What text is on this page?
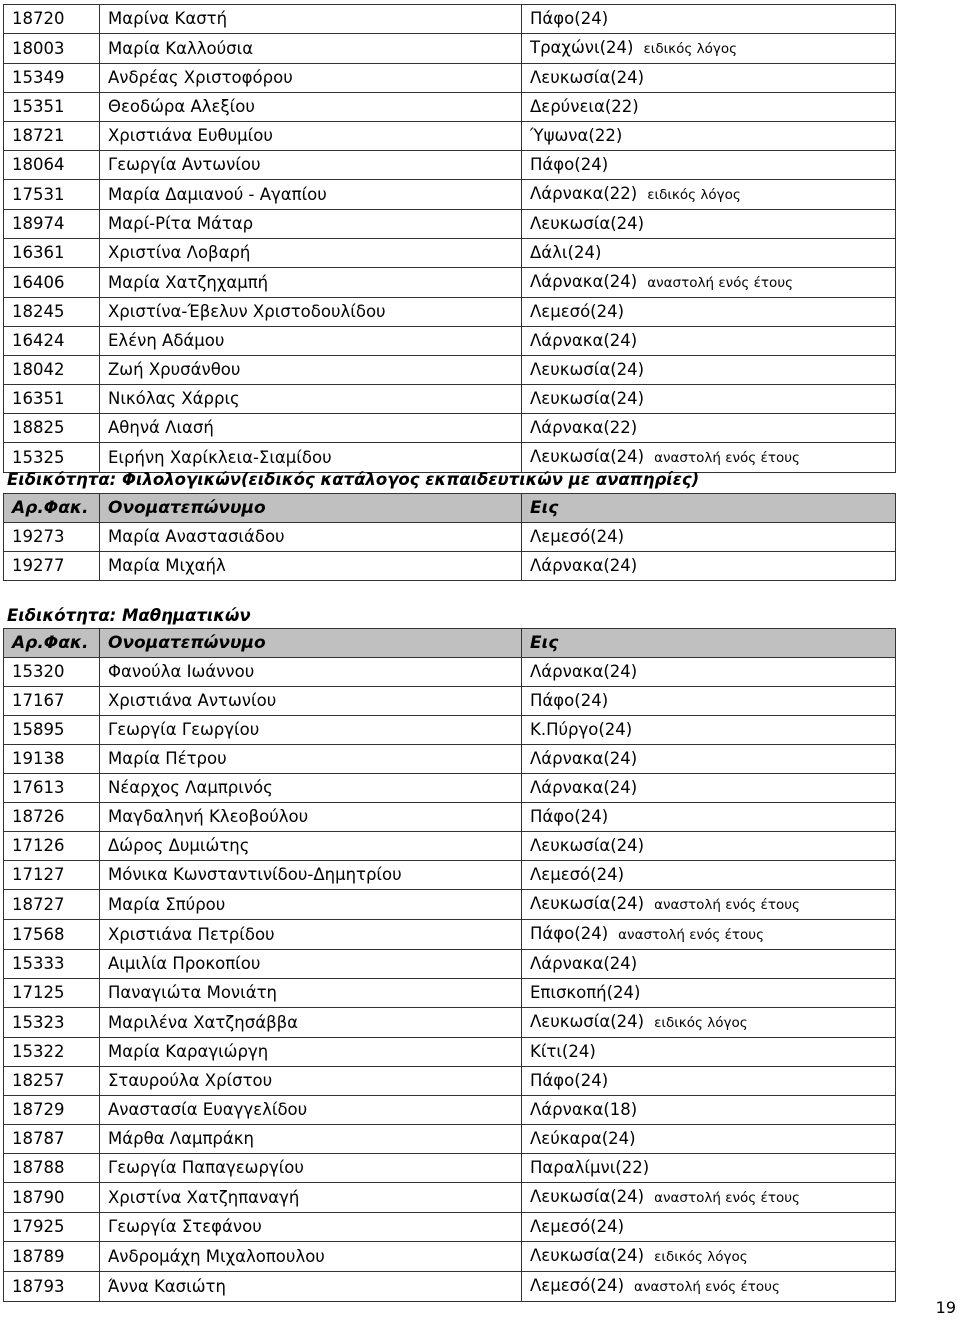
18720	Μαρίνα Καστή	Πάφο(24)
18003	Μαρία Καλλούσια	Τραχώνι(24) ειδικός λόγος
15349	Ανδρέας Χριστοφόρου	Λευκωσία(24)
15351	Θεοδώρα Αλεξίου	Δερύνεια(22)
18721	Χριστιάνα Ευθυμίου	Ύψωνα(22)
18064	Γεωργία Αντωνίου	Πάφο(24)
17531	Μαρία Δαμιανού - Αγαπίου	Λάρνακα(22) ειδικός λόγος
18974	Μαρί-Ρίτα Μάταρ	Λευκωσία(24)
16361	Χριστίνα Λοβαρή	Δάλι(24)
16406	Μαρία Χατζηχαμπή	Λάρνακα(24) αναστολή ενός έτους
18245	Χριστίνα-Έβελυν Χριστοδουλίδου	Λεμεσό(24)
16424	Ελένη Αδάμου	Λάρνακα(24)
18042	Ζωή Χρυσάνθου	Λευκωσία(24)
16351	Νικόλας Χάρρις	Λευκωσία(24)
18825	Αθηνά Λιασή	Λάρνακα(22)
15325	Ειρήνη Χαρίκλεια-Σιαμίδου	Λευκωσία(24) αναστολή ενός έτους
Ειδικότητα: Φιλολογικών(ειδικός κατάλογος εκπαιδευτικών με αναπηρίες)
Αρ.Φακ.	Ονοματεπώνυμο	Εις
19273	Μαρία Αναστασιάδου	Λεμεσό(24)
19277	Μαρία Μιχαήλ	Λάρνακα(24)
Ειδικότητα: Μαθηματικών
Αρ.Φακ.	Ονοματεπώνυμο	Εις
15320	Φανούλα Ιωάννου	Λάρνακα(24)
17167	Χριστιάνα Αντωνίου	Πάφο(24)
15895	Γεωργία Γεωργίου	Κ.Πύργο(24)
19138	Μαρία Πέτρου	Λάρνακα(24)
17613	Νέαρχος Λαμπρινός	Λάρνακα(24)
18726	Μαγδαληνή Κλεοβούλου	Πάφο(24)
17126	Δώρος Δυμιώτης	Λευκωσία(24)
17127	Μόνικα Κωνσταντινίδου-Δημητρίου	Λεμεσό(24)
18727	Μαρία Σπύρου	Λευκωσία(24) αναστολή ενός έτους
17568	Χριστιάνα Πετρίδου	Πάφο(24) αναστολή ενός έτους
15333	Αιμιλία Προκοπίου	Λάρνακα(24)
17125	Παναγιώτα Μονιάτη	Επισκοπή(24)
15323	Μαριλένα Χατζησάββα	Λευκωσία(24) ειδικός λόγος
15322	Μαρία Καραγιώργη	Κίτι(24)
18257	Σταυρούλα Χρίστου	Πάφο(24)
18729	Αναστασία Ευαγγελίδου	Λάρνακα(18)
18787	Μάρθα Λαμπράκη	Λεύκαρα(24)
18788	Γεωργία Παπαγεωργίου	Παραλίμνι(22)
18790	Χριστίνα Χατζηπαναγή	Λευκωσία(24) αναστολή ενός έτους
17925	Γεωργία Στεφάνου	Λεμεσό(24)
18789	Ανδρομάχη Μιχαλοπουλου	Λευκωσία(24) ειδικός λόγος
18793	Άννα Κασιώτη	Λεμεσό(24) αναστολή ενός έτους
19
